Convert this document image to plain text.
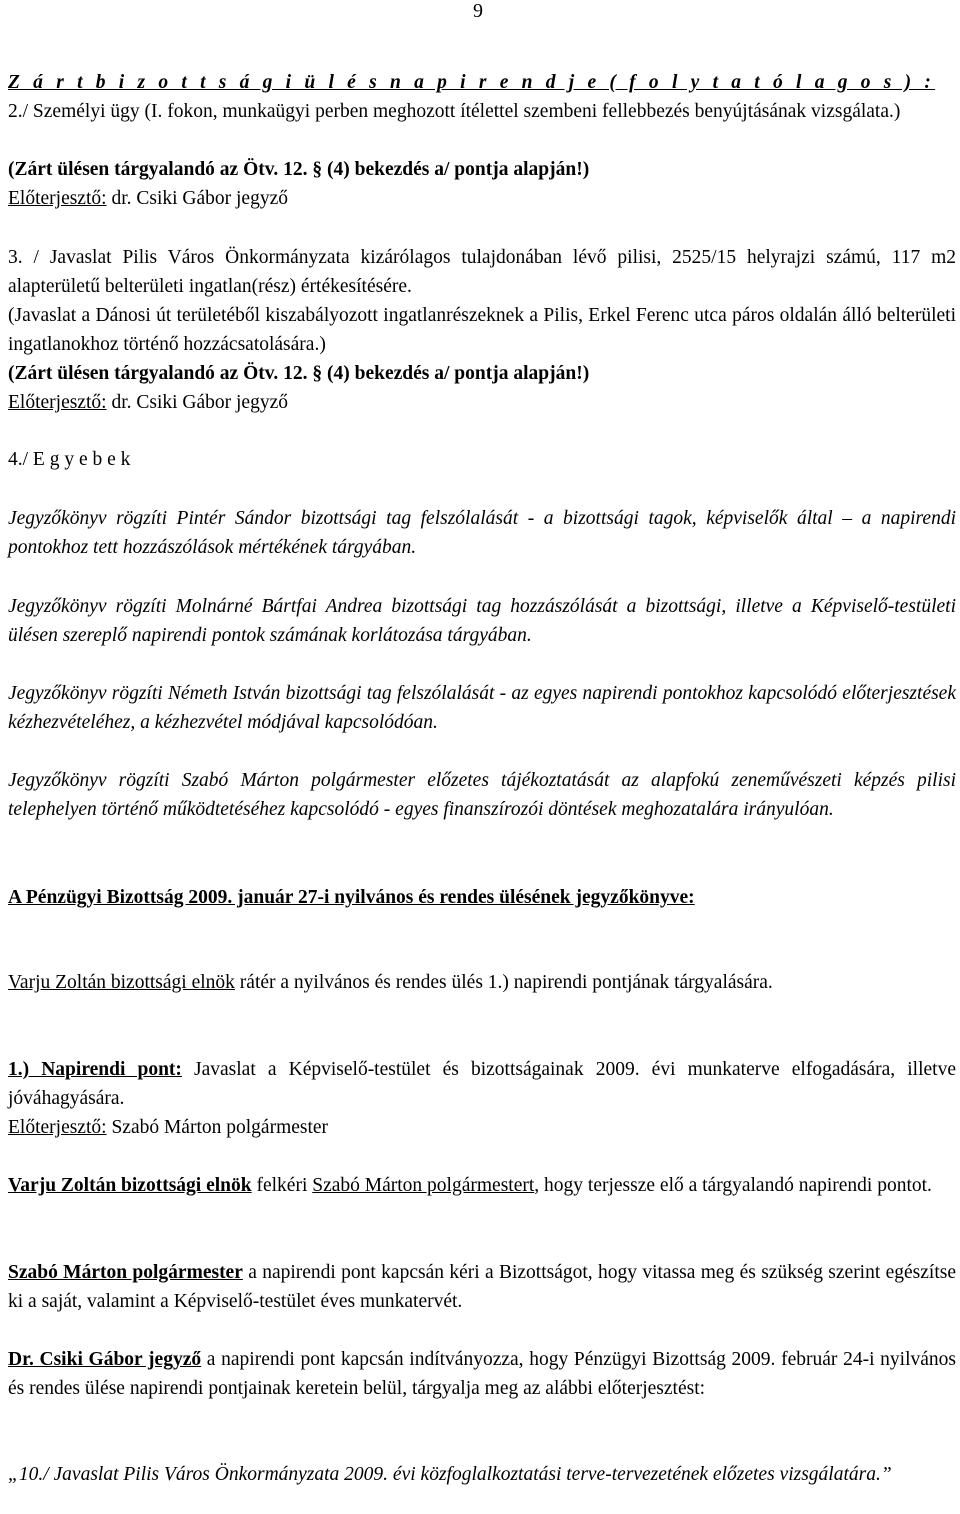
9

Z á r t b i z o t t s á g i ü l é s n a p i r e n d j e ( f o l y t a t ó l a g o s ) :

2./ Személyi ügy (I. fokon, munkaügyi perben meghozott ítélettel szembeni fellebbezés benyújtásának vizsgálata.)

(Zárt ülésen tárgyalandó az Ötv. 12. § (4) bekezdés a/ pontja alapján!)

Előterjesztő: dr. Csiki Gábor jegyző

3. / Javaslat Pilis Város Önkormányzata kizárólagos tulajdonában lévő pilisi, 2525/15 helyrajzi számú, 117 m2 alapterületű belterületi ingatlan(rész) értékesítésére.

(Javaslat a Dánosi út területéből kiszabályozott ingatlanrészeknek a Pilis, Erkel Ferenc utca páros oldalán álló belterületi ingatlanokhoz történő hozzácsatolására.)

(Zárt ülésen tárgyalandó az Ötv. 12. § (4) bekezdés a/ pontja alapján!)

Előterjesztő: dr. Csiki Gábor jegyző

4./ E g y e b e k

Jegyzőkönyv rögzíti Pintér Sándor bizottsági tag felszólalását - a bizottsági tagok, képviselők által – a napirendi pontokhoz tett hozzászólások mértékének tárgyában.

Jegyzőkönyv rögzíti Molnárné Bártfai Andrea bizottsági tag hozzászólását a bizottsági, illetve a Képviselő-testületi ülésen szereplő napirendi pontok számának korlátozása tárgyában.

Jegyzőkönyv rögzíti Németh István bizottsági tag felszólalását - az egyes napirendi pontokhoz kapcsolódó előterjesztések kézhezvételéhez, a kézhezvétel módjával kapcsolódóan.

Jegyzőkönyv rögzíti Szabó Márton polgármester előzetes tájékoztatását az alapfokú zeneművészeti képzés pilisi telephelyen történő működtetéséhez kapcsolódó - egyes finanszírozói döntések meghozatalára irányulóan.

A Pénzügyi Bizottság 2009. január 27-i nyilvános és rendes ülésének jegyzőkönyve:

Varju Zoltán bizottsági elnök rátér a nyilvános és rendes ülés 1.) napirendi pontjának tárgyalására.

1.) Napirendi pont: Javaslat a Képviselő-testület és bizottságainak 2009. évi munkaterve elfogadására, illetve jóváhagyására.

Előterjesztő: Szabó Márton polgármester

Varju Zoltán bizottsági elnök felkéri Szabó Márton polgármestert, hogy terjessze elő a tárgyalandó napirendi pontot.

Szabó Márton polgármester a napirendi pont kapcsán kéri a Bizottságot, hogy vitassa meg és szükség szerint egészítse ki a saját, valamint a Képviselő-testület éves munkatervét.

Dr. Csiki Gábor jegyző a napirendi pont kapcsán indítványozza, hogy Pénzügyi Bizottság 2009. február 24-i nyilvános és rendes ülése napirendi pontjainak keretein belül, tárgyalja meg az alábbi előterjesztést:

„10./ Javaslat Pilis Város Önkormányzata 2009. évi közfoglalkoztatási terve-tervezetének előzetes vizsgálatára.”
